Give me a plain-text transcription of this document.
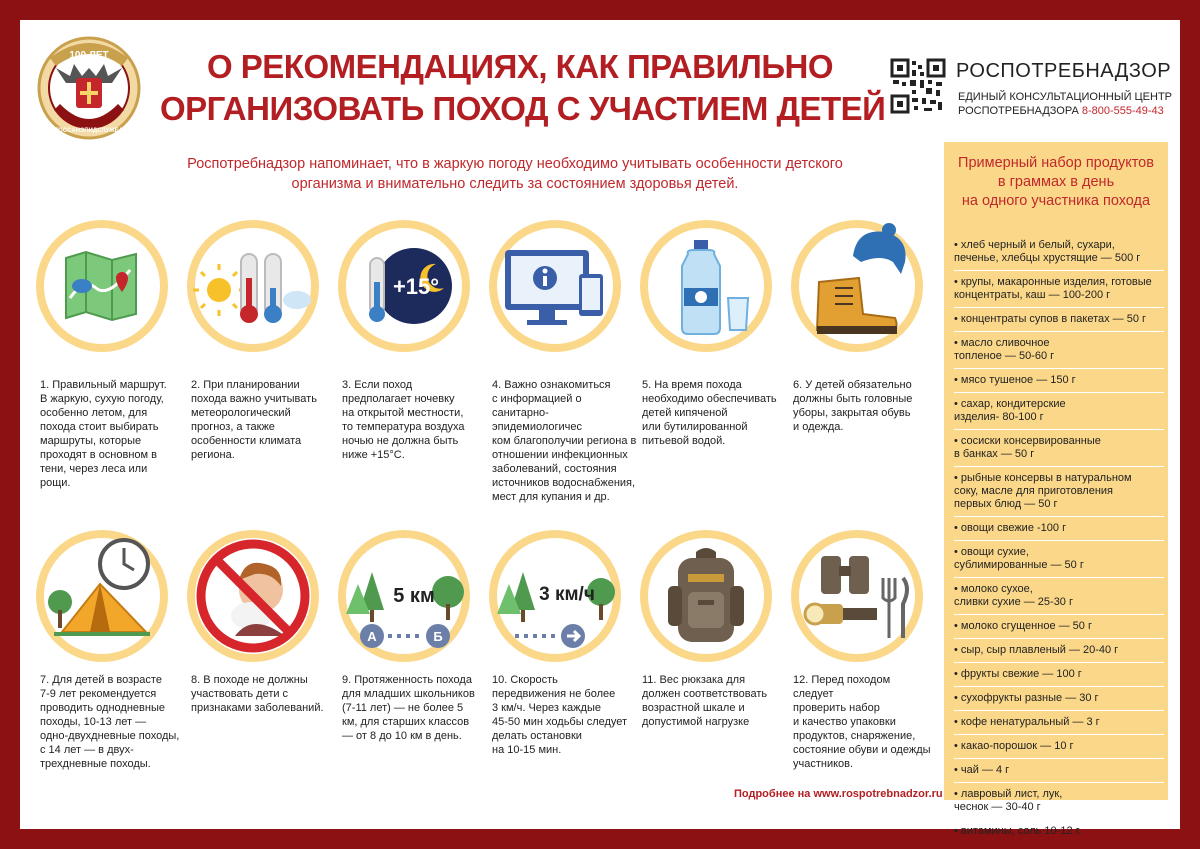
100 ЛЕТ
ГОССАНЭПИДСЛУЖБА
О РЕКОМЕНДАЦИЯХ, КАК ПРАВИЛЬНО
ОРГАНИЗОВАТЬ ПОХОД С УЧАСТИЕМ ДЕТЕЙ
РОСПОТРЕБНАДЗОР
ЕДИНЫЙ КОНСУЛЬТАЦИОННЫЙ ЦЕНТР
РОСПОТРЕБНАДЗОРА 8-800-555-49-43
Роспотребнадзор напоминает, что в жаркую погоду необходимо учитывать особенности детского
организма и внимательно следить за состоянием здоровья детей.
+15°
1. Правильный маршрут.
В жаркую, сухую погоду,
особенно летом, для
похода стоит выбирать
маршруты, которые
проходят в основном в
тени, через леса или рощи.
2. При планировании
похода важно учитывать
метеорологический
прогноз, а также
особенности климата
региона.
3. Если поход
предполагает ночевку
на открытой местности,
то температура воздуха
ночью не должна быть
ниже +15°С.
4. Важно ознакомиться
с информацией о
санитарно-эпидемиологичес
ком благополучии региона в
отношении инфекционных
заболеваний, состояния
источников водоснабжения,
мест для купания и др.
5. На время похода
необходимо обеспечивать
детей кипяченой
или бутилированной
питьевой водой.
6. У детей обязательно
должны быть головные
уборы, закрытая обувь
и одежда.
5 км
А	Б
3 км/ч
7. Для детей в возрасте
7-9 лет рекомендуется
проводить однодневные
походы, 10-13 лет —
одно-двухдневные походы,
с 14 лет — в двух-
трехдневные походы.
8. В походе не должны
участвовать дети с
признаками заболеваний.
9. Протяженность похода
для младших школьников
(7-11 лет) — не более 5
км, для старших классов
— от 8 до 10 км в день.
10. Скорость
передвижения не более
3 км/ч. Через каждые
45-50 мин ходьбы следует
делать остановки
на 10-15 мин.
11. Вес рюкзака для
должен соответствовать
возрастной шкале и
допустимой нагрузке
12. Перед походом следует
проверить набор
и качество упаковки
продуктов, снаряжение,
состояние обуви и одежды
участников.
Примерный набор продуктов
в граммах в день
на одного участника похода
• хлеб черный и белый, сухари,
печенье, хлебцы хрустящие — 500 г
• крупы, макаронные изделия, готовые
концентраты, каш — 100-200 г
• концентраты супов в пакетах — 50 г
• масло сливочное
топленое — 50-60 г
• мясо тушеное — 150 г
• сахар, кондитерские
изделия- 80-100 г
• сосиски консервированные
в банках — 50 г
• рыбные консервы в натуральном
соку, масле для приготовления
первых блюд — 50 г
• овощи свежие -100 г
• овощи сухие,
сублимированные — 50 г
• молоко сухое,
сливки сухие — 25-30 г
• молоко сгущенное — 50 г
• сыр, сыр плавленый — 20-40 г
• фрукты свежие — 100 г
• сухофрукты разные — 30 г
• кофе ненатуральный — 3 г
• какао-порошок — 10 г
• чай — 4 г
• лавровый лист, лук,
чеснок — 30-40 г
• витамины, соль 10-12 г.
Подробнее на www.rospotrebnadzor.ru
